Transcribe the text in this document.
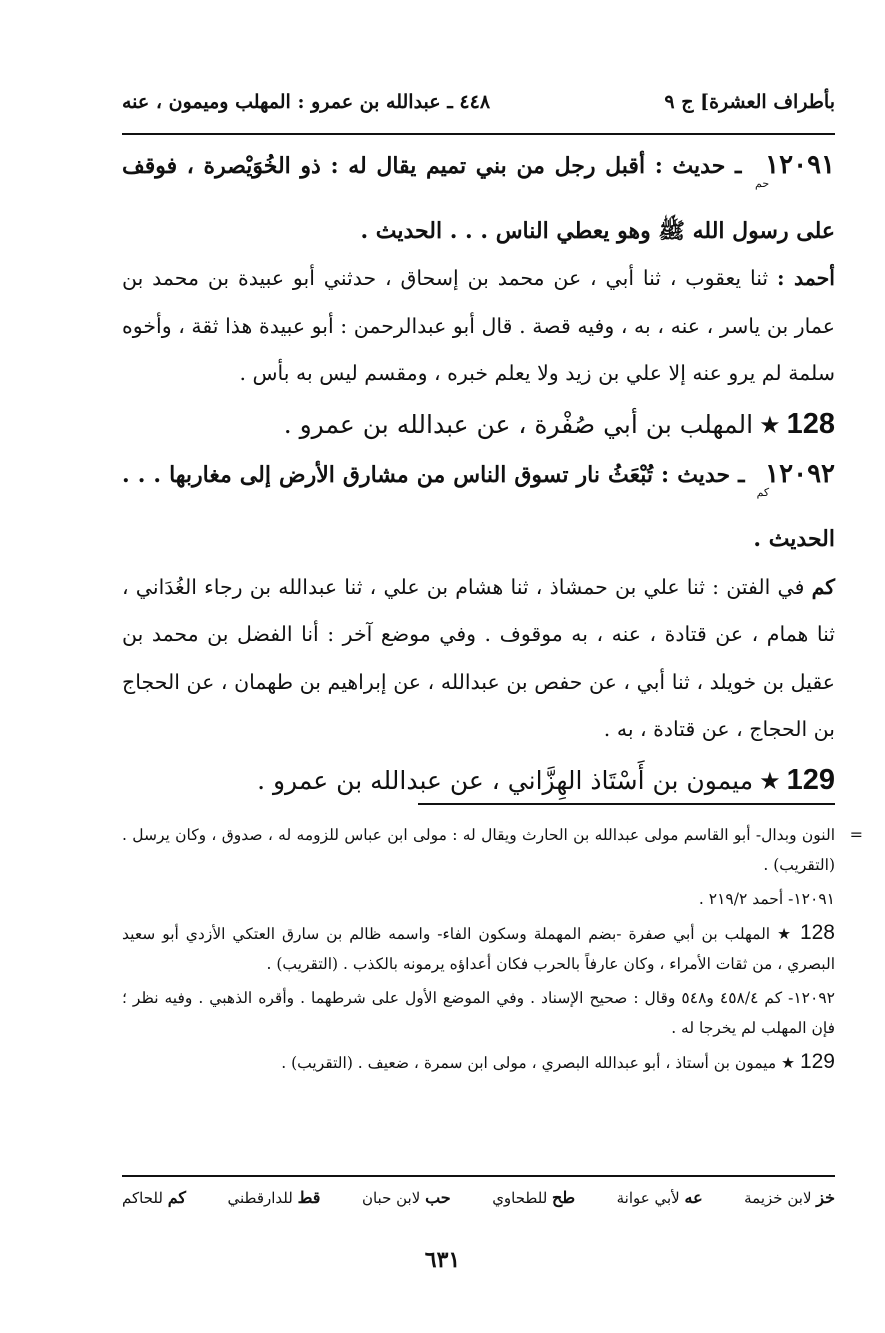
بأطراف العشرة] ج ٩
٤٤٨ ـ عبدالله بن عمرو : المهلب وميمون ، عنه

$١٢٠٩١_{حم}$ ـ حديث : أقبل رجل من بني تميم يقال له : ذو الخُوَيْصرة ، فوقف على رسول الله ﷺ وهو يعطي الناس . . . الحديث .

أحمد : ثنا يعقوب ، ثنا أبي ، عن محمد بن إسحاق ، حدثني أبو عبيدة بن محمد بن عمار بن ياسر ، عنه ، به ، وفيه قصة . قال أبو عبدالرحمن : أبو عبيدة هذا ثقة ، وأخوه سلمة لم يرو عنه إلا علي بن زيد ولا يعلم خبره ، ومقسم ليس به بأس .

128★المهلب بن أبي صُفْرة ، عن عبدالله بن عمرو .

$١٢٠٩٢_{كم}$ ـ حديث : تُبْعَثُ نار تسوق الناس من مشارق الأرض إلى مغاربها . . . الحديث .

كم في الفتن : ثنا علي بن حمشاذ ، ثنا هشام بن علي ، ثنا عبدالله بن رجاء الغُدَاني ، ثنا همام ، عن قتادة ، عنه ، به موقوف . وفي موضع آخر : أنا الفضل بن محمد بن عقيل بن خويلد ، ثنا أبي ، عن حفص بن عبدالله ، عن إبراهيم بن طهمان ، عن الحجاج بن الحجاج ، عن قتادة ، به .

129★ميمون بن أَسْتَاذ الهِزَّاني ، عن عبدالله بن عمرو .

=

النون وبدال- أبو القاسم مولى عبدالله بن الحارث ويقال له : مولى ابن عباس للزومه له ، صدوق ، وكان يرسل . (التقريب) .

١٢٠٩١- أحمد ٢١٩/٢ .

128 ★ المهلب بن أبي صفرة -بضم المهملة وسكون الفاء- واسمه ظالم بن سارق العتكي الأزدي أبو سعيد البصري ، من ثقات الأمراء ، وكان عارفاً بالحرب فكان أعداؤه يرمونه بالكذب . (التقريب) .

١٢٠٩٢- كم ٤٥٨/٤ و٥٤٨ وقال : صحيح الإسناد . وفي الموضع الأول على شرطهما . وأقره الذهبي . وفيه نظر ؛ فإن المهلب لم يخرجا له .

129 ★ ميمون بن أستاذ ، أبو عبدالله البصري ، مولى ابن سمرة ، ضعيف . (التقريب) .

خز لابن خزيمة
عه لأبي عوانة
طح للطحاوي
حب لابن حبان
قط للدارقطني
كم للحاكم
٦٣١
